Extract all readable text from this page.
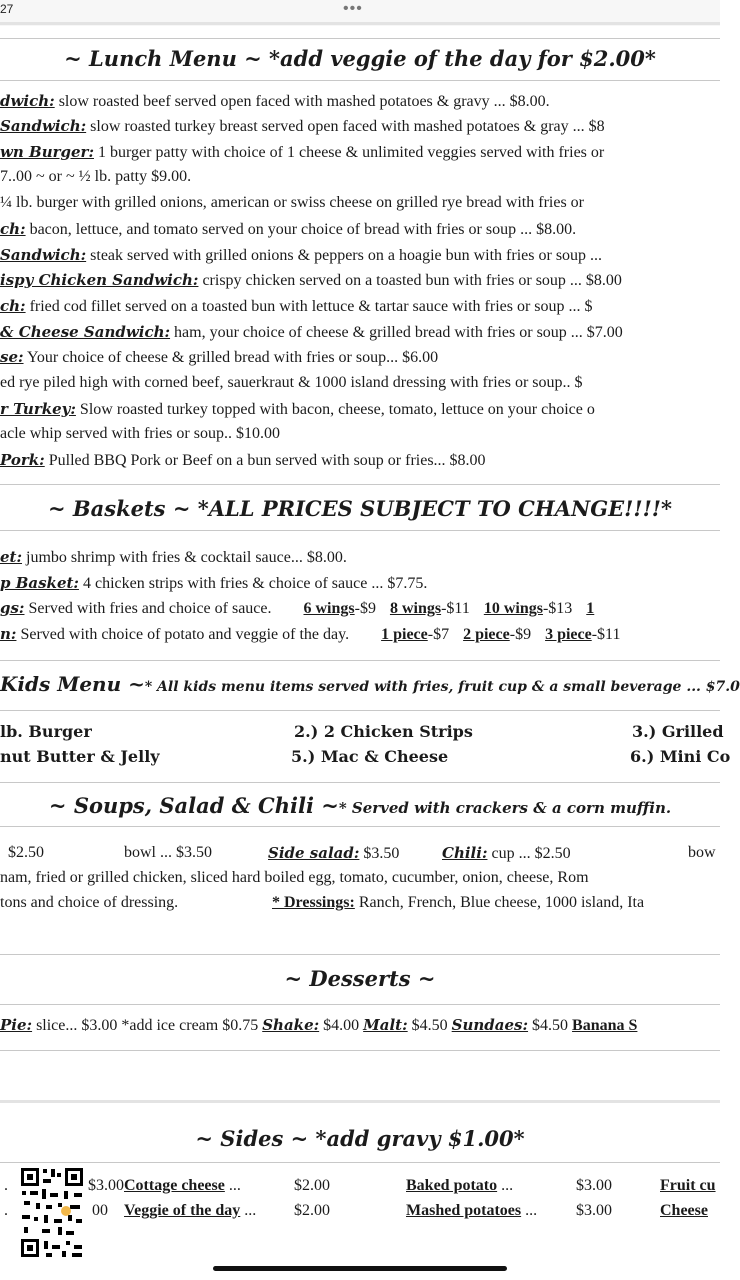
27	•••
~ Lunch Menu ~ *add veggie of the day for $2.00*
dwich: slow roasted beef served open faced with mashed potatoes & gravy ... $8.00.
Sandwich: slow roasted turkey breast served open faced with mashed potatoes & gray ... $8
wn Burger: 1 burger patty with choice of 1 cheese & unlimited veggies served with fries or
7..00 ~ or ~ ½ lb. patty $9.00.
¼ lb. burger with grilled onions, american or swiss cheese on grilled rye bread with fries or
ch: bacon, lettuce, and tomato served on your choice of bread with fries or soup ... $8.00.
Sandwich: steak served with grilled onions & peppers on a hoagie bun with fries or soup ...
ispy Chicken Sandwich: crispy chicken served on a toasted bun with fries or soup ... $8.00
ch: fried cod fillet served on a toasted bun with lettuce & tartar sauce with fries or soup ... $
& Cheese Sandwich: ham, your choice of cheese & grilled bread with fries or soup ... $7.00
se: Your choice of cheese & grilled bread with fries or soup... $6.00
ed rye piled high with corned beef, sauerkraut & 1000 island dressing with fries or soup.. $
r Turkey: Slow roasted turkey topped with bacon, cheese, tomato, lettuce on your choice o
acle whip served with fries or soup.. $10.00
Pork: Pulled BBQ Pork or Beef on a bun served with soup or fries... $8.00
~ Baskets ~ *ALL PRICES SUBJECT TO CHANGE!!!!*
et: jumbo shrimp with fries & cocktail sauce... $8.00.
p Basket: 4 chicken strips with fries & choice of sauce ... $7.75.
gs: Served with fries and choice of sauce. 6 wings-$9 8 wings-$11 10 wings-$13 1
n: Served with choice of potato and veggie of the day. 1 piece-$7 2 piece-$9 3 piece-$11
Kids Menu ~* All kids menu items served with fries, fruit cup & a small beverage ... $7.0
lb. Burger	2.) 2 Chicken Strips	3.) Grilled
nut Butter & Jelly	5.) Mac & Cheese	6.) Mini Co
~ Soups, Salad & Chili ~* Served with crackers & a corn muffin.
$2.50	bowl ... $3.50	Side salad: $3.50	Chili: cup ... $2.50	bow
nam, fried or grilled chicken, sliced hard boiled egg, tomato, cucumber, onion, cheese, Rom
tons and choice of dressing.	* Dressings: Ranch, French, Blue cheese, 1000 island, Ita
~ Desserts ~
Pie: slice... $3.00 *add ice cream $0.75 Shake: $4.00 Malt: $4.50 Sundaes: $4.50 Banana S
~ Sides ~ *add gravy $1.00*
.	$3.00 Cottage cheese ...	$2.00	Baked potato ...	$3.00	Fruit cu
.	00 Veggie of the day ... $2.00	Mashed potatoes ... $3.00	Cheese
